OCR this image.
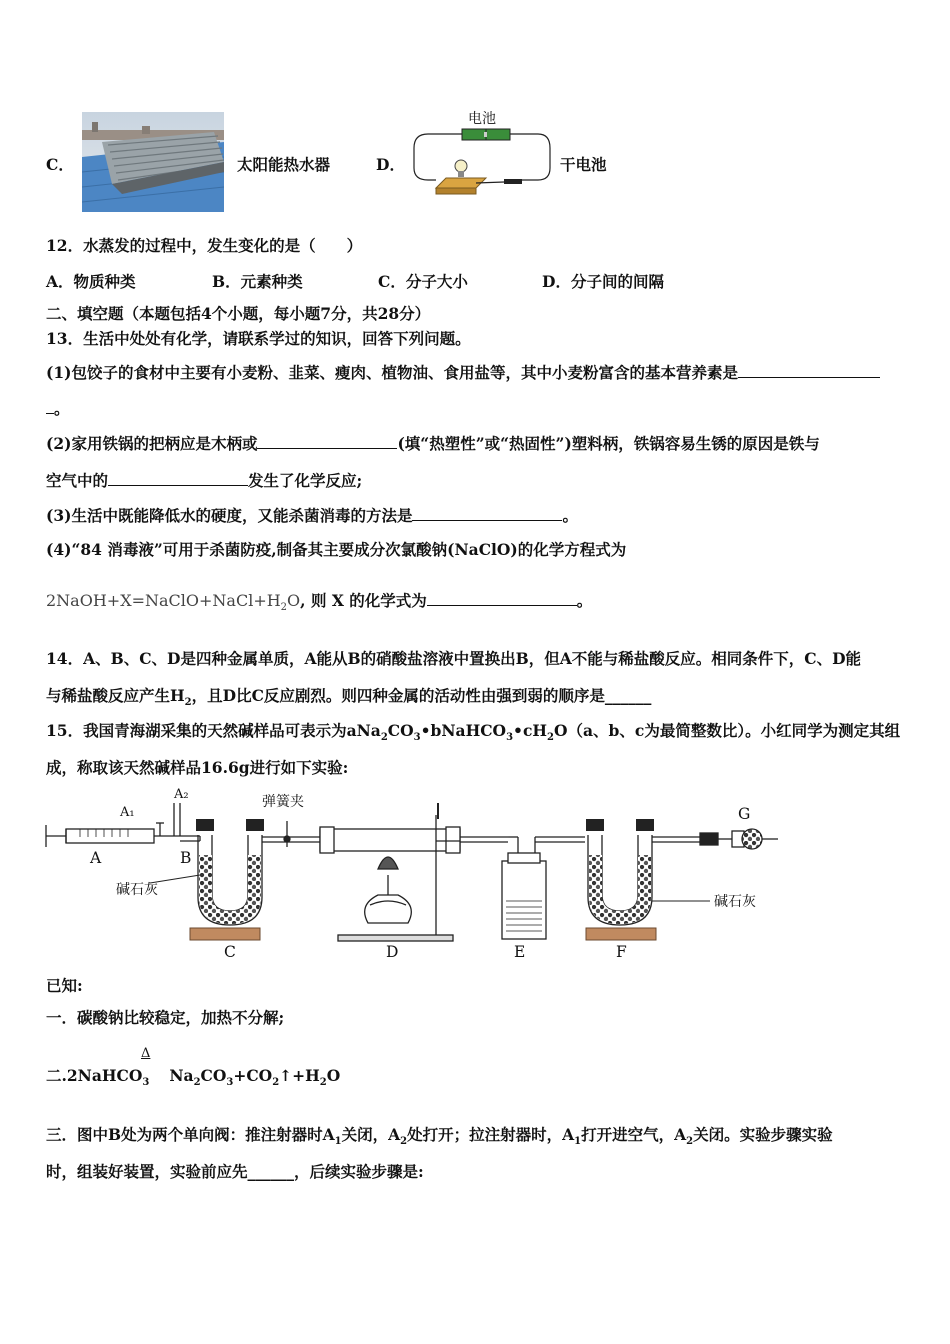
C．	太阳能热水器	D．
电池
干电池
12．水蒸发的过程中，发生变化的是（　　）
A．物质种类	B．元素种类	C．分子大小	D．分子间的间隔
二、填空题（本题包括4个小题，每小题7分，共28分）
13．生活中处处有化学，请联系学过的知识，回答下列问题。
(1)包饺子的食材中主要有小麦粉、韭菜、瘦肉、植物油、食用盐等，其中小麦粉富含的基本营养素是
。
(2)家用铁锅的把柄应是木柄或	(填“热塑性”或“热固性”)塑料柄，铁锅容易生锈的原因是铁与
空气中的	发生了化学反应;
(3)生活中既能降低水的硬度，又能杀菌消毒的方法是	。
(4)“84 消毒液”可用于杀菌防疫,制备其主要成分次氯酸钠(NaClO)的化学方程式为
$2NaOH+X=NaClO+NaCl+H_2O$, 则 X 的化学式为	。
14．A、B、C、D是四种金属单质，A能从B的硝酸盐溶液中置换出B，但A不能与稀盐酸反应。相同条件下，C、D能
与稀盐酸反应产生$H_2$，且D比C反应剧烈。则四种金属的活动性由强到弱的顺序是______
15．我国青海湖采集的天然碱样品可表示为$aNa_2CO_3•bNaHCO_3•cH_2O(a$、b、c为最简整数比）。小红同学为测定其组
成，称取该天然碱样品16.6g进行如下实验:
A
A₁
A₂
B
碱石灰
弹簧夹
C	D	E	F
G
碱石灰
已知:
一．碳酸钠比较稳定，加热不分解;
Δ
二.2NaHCO$_3$ $Na_2CO_3+CO_2↑+H_2O$
三．图中B处为两个单向阀：推注射器时$A_1$关闭，$A_2$处打开；拉注射器时，$A_1$打开进空气，$A_2$关闭。实验步骤实验
时，组装好装置，实验前应先______，后续实验步骤是:
